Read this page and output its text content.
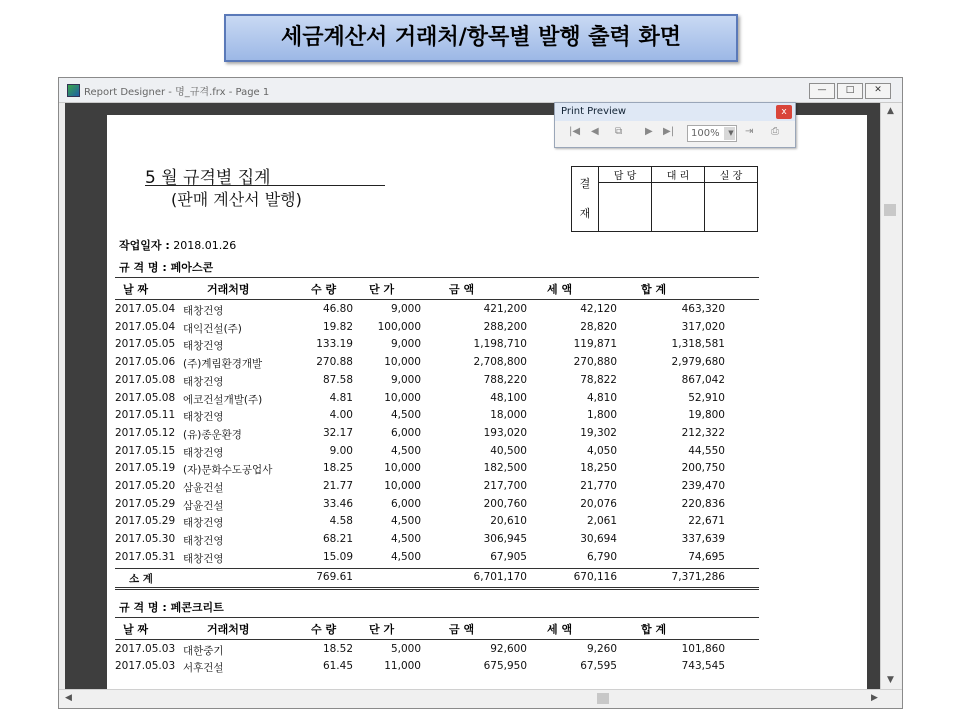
세금계산서 거래처/항목별 발행 출력 화면
Report Designer - 명_규격.frx - Page 1	—	□	✕
5 월 규격별 집계
(판매 계산서 발행)
결
재	담 당	대 리	실 장

작업일자 : 2018.01.26
규 격 명 : 페아스콘
날 짜	거래처명	수 량	단 가	금 액	세 액	합 계
2017.05.04 태창건영	46.80	9,000	421,200	42,120	463,320
2017.05.04 대익건설(주)	19.82 100,000	288,200	28,820	317,020
2017.05.05 태창건영	133.19	9,000	1,198,710	119,871	1,318,581
2017.05.06 (주)계림환경개발	270.88	10,000	2,708,800	270,880	2,979,680
2017.05.08 태창건영	87.58	9,000	788,220	78,822	867,042
2017.05.08 에코건설개발(주)	4.81	10,000	48,100	4,810	52,910
2017.05.11 태창건영	4.00	4,500	18,000	1,800	19,800
2017.05.12 (유)종운환경	32.17	6,000	193,020	19,302	212,322
2017.05.15 태창건영	9.00	4,500	40,500	4,050	44,550
2017.05.19 (자)문화수도공업사	18.25	10,000	182,500	18,250	200,750
2017.05.20 삼윤건설	21.77	10,000	217,700	21,770	239,470
2017.05.29 삼윤건설	33.46	6,000	200,760	20,076	220,836
2017.05.29 태창건영	4.58	4,500	20,610	2,061	22,671
2017.05.30 태창건영	68.21	4,500	306,945	30,694	337,639
2017.05.31 태창건영	15.09	4,500	67,905	6,790	74,695
소 계	769.61	6,701,170	670,116	7,371,286
규 격 명 : 페콘크리트
날 짜	거래처명	수 량	단 가	금 액	세 액	합 계
2017.05.03 대한중기	18.52	5,000	92,600	9,260	101,860
2017.05.03 서후건설	61.45	11,000	675,950	67,595	743,545
▲
▼
◀	▶
Print Preview	x
|◀ ◀ ⧉ ▶ ▶|	100%	▼ ⇥ ⎙
